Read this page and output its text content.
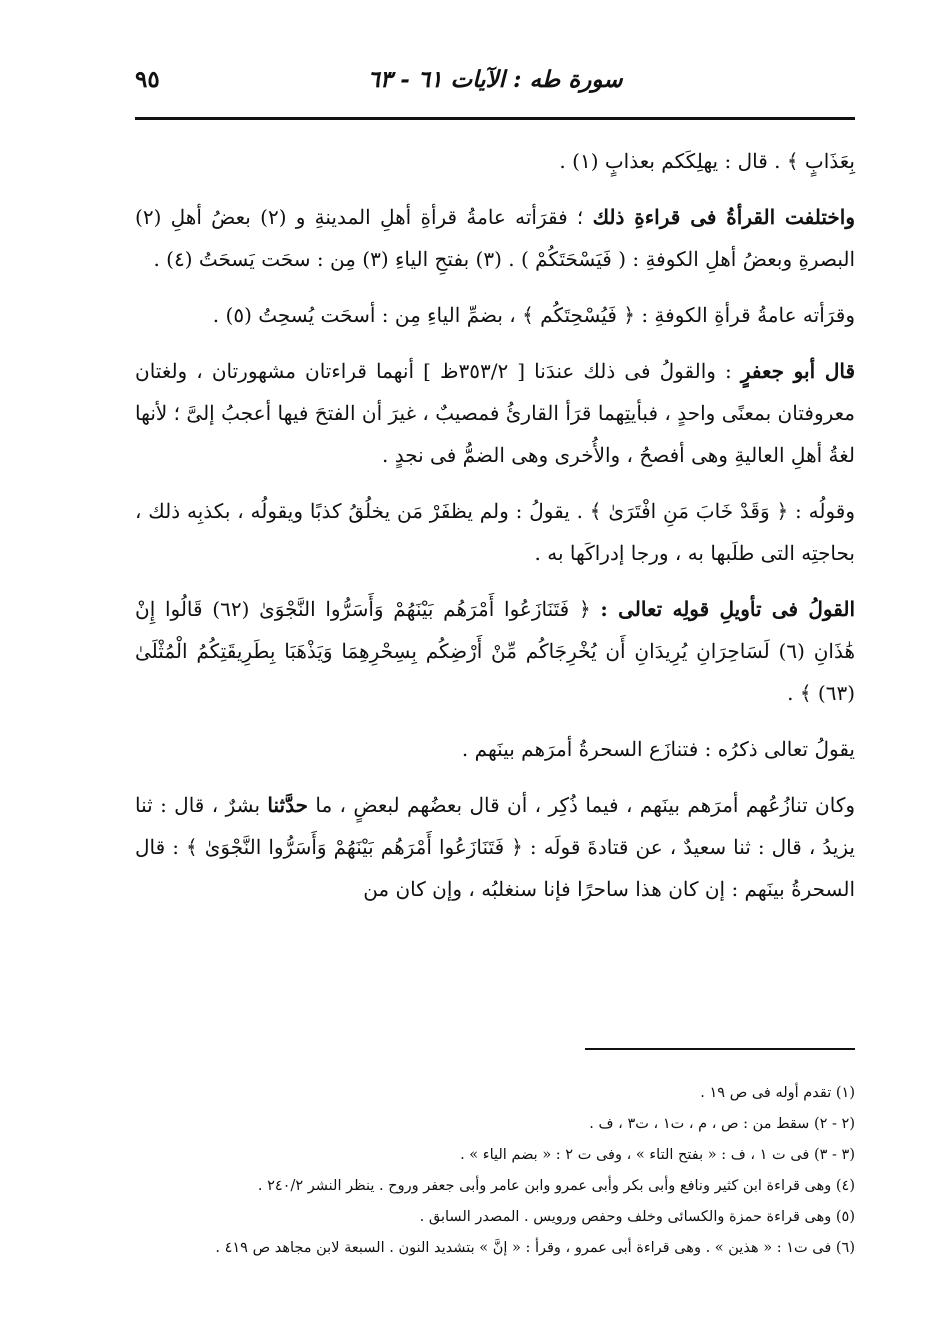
سورة طه : الآيات ٦١ - ٦٣
٩٥

بِعَذَابٍ ﴾ . قال : يهلِكَكم بعذابٍ (١) .

واختلفت القرأةُ فى قراءةِ ذلك ؛ فقرَأته عامةُ قرأةِ أهلِ المدينةِ و (٢) بعضُ أهلِ (٢) البصرةِ وبعضُ أهلِ الكوفةِ : ( فَيَسْحَتَكُمْ ) . (٣) بفتحِ الياءِ (٣) مِن : سحَت يَسحَتُ (٤) .

وقرَأته عامةُ قرأةِ الكوفةِ : ﴿ فَيُسْحِتَكُم ﴾ ، بضمِّ الياءِ مِن : أسحَت يُسحِتُ (٥) .

قال أبو جعفرٍ : والقولُ فى ذلك عندَنا [ ٣٥٣/٢ظ ] أنهما قراءتان مشهورتان ، ولغتان معروفتان بمعنًى واحدٍ ، فبأيتِهما قرَأ القارئُ فمصيبٌ ، غيرَ أن الفتحَ فيها أعجبُ إلىَّ ؛ لأنها لغةُ أهلِ العاليةِ وهى أفصحُ ، والأُخرى وهى الضمُّ فى نجدٍ .

وقولُه : ﴿ وَقَدْ خَابَ مَنِ افْتَرَىٰ ﴾ . يقولُ : ولم يظفَرْ مَن يخلُقُ كذبًا ويقولُه ، بكذبِه ذلك ، بحاجتِه التى طلَبها به ، ورجا إدراكَها به .

القولُ فى تأويلِ قولِه تعالى : ﴿ فَتَنَازَعُوا أَمْرَهُم بَيْنَهُمْ وَأَسَرُّوا النَّجْوَىٰ (٦٢) قَالُوا إِنْ هَٰذَانِ (٦) لَسَاحِرَانِ يُرِيدَانِ أَن يُخْرِجَاكُم مِّنْ أَرْضِكُم بِسِحْرِهِمَا وَيَذْهَبَا بِطَرِيقَتِكُمُ الْمُثْلَىٰ (٦٣) ﴾ .

يقولُ تعالى ذكرُه : فتنازَع السحرةُ أمرَهم بينَهم .

وكان تنازُعُهم أمرَهم بينَهم ، فيما ذُكِر ، أن قال بعضُهم لبعضٍ ، ما حدَّثنا بشرٌ ، قال : ثنا يزيدُ ، قال : ثنا سعيدٌ ، عن قتادةَ قولَه : ﴿ فَتَنَازَعُوا أَمْرَهُم بَيْنَهُمْ وَأَسَرُّوا النَّجْوَىٰ ﴾ : قال السحرةُ بينَهم : إن كان هذا ساحرًا فإنا سنغلبُه ، وإن كان من

(١) تقدم أوله فى ص ١٩ .
(٢ - ٢) سقط من : ص ، م ، ت١ ، ت٣ ، ف .
(٣ - ٣) فى ت ١ ، ف : « بفتح التاء » ، وفى ت ٢ : « بضم الياء » .
(٤) وهى قراءة ابن كثير ونافع وأبى بكر وأبى عمرو وابن عامر وأبى جعفر وروح . ينظر النشر ٢٤٠/٢ .
(٥) وهى قراءة حمزة والكسائى وخلف وحفص ورويس . المصدر السابق .
(٦) فى ت١ : « هذين » . وهى قراءة أبى عمرو ، وقرأ : « إنَّ » بتشديد النون . السبعة لابن مجاهد ص ٤١٩ .
